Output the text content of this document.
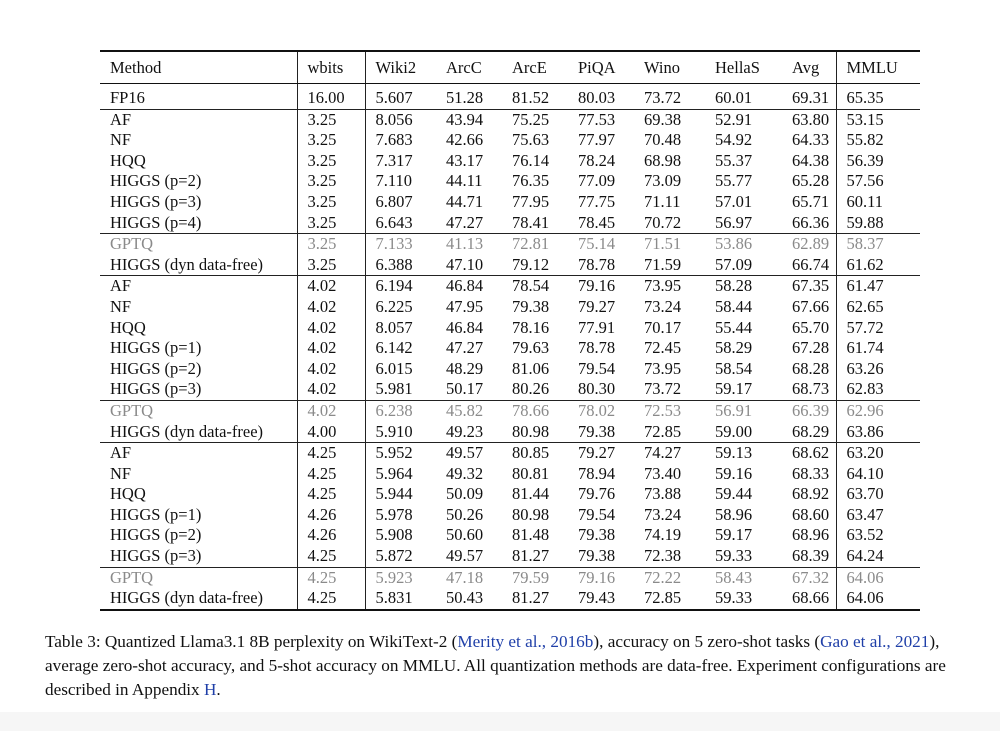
Method	wbits	Wiki2	ArcC	ArcE	PiQA	Wino	HellaS	Avg	MMLU
FP16	16.00	5.607	51.28	81.52	80.03	73.72	60.01	69.31	65.35
AF	3.25	8.056	43.94	75.25	77.53	69.38	52.91	63.80	53.15
NF	3.25	7.683	42.66	75.63	77.97	70.48	54.92	64.33	55.82
HQQ	3.25	7.317	43.17	76.14	78.24	68.98	55.37	64.38	56.39
HIGGS (p=2)	3.25	7.110	44.11	76.35	77.09	73.09	55.77	65.28	57.56
HIGGS (p=3)	3.25	6.807	44.71	77.95	77.75	71.11	57.01	65.71	60.11
HIGGS (p=4)	3.25	6.643	47.27	78.41	78.45	70.72	56.97	66.36	59.88
GPTQ	3.25	7.133	41.13	72.81	75.14	71.51	53.86	62.89	58.37
HIGGS (dyn data-free)	3.25	6.388	47.10	79.12	78.78	71.59	57.09	66.74	61.62
AF	4.02	6.194	46.84	78.54	79.16	73.95	58.28	67.35	61.47
NF	4.02	6.225	47.95	79.38	79.27	73.24	58.44	67.66	62.65
HQQ	4.02	8.057	46.84	78.16	77.91	70.17	55.44	65.70	57.72
HIGGS (p=1)	4.02	6.142	47.27	79.63	78.78	72.45	58.29	67.28	61.74
HIGGS (p=2)	4.02	6.015	48.29	81.06	79.54	73.95	58.54	68.28	63.26
HIGGS (p=3)	4.02	5.981	50.17	80.26	80.30	73.72	59.17	68.73	62.83
GPTQ	4.02	6.238	45.82	78.66	78.02	72.53	56.91	66.39	62.96
HIGGS (dyn data-free)	4.00	5.910	49.23	80.98	79.38	72.85	59.00	68.29	63.86
AF	4.25	5.952	49.57	80.85	79.27	74.27	59.13	68.62	63.20
NF	4.25	5.964	49.32	80.81	78.94	73.40	59.16	68.33	64.10
HQQ	4.25	5.944	50.09	81.44	79.76	73.88	59.44	68.92	63.70
HIGGS (p=1)	4.26	5.978	50.26	80.98	79.54	73.24	58.96	68.60	63.47
HIGGS (p=2)	4.26	5.908	50.60	81.48	79.38	74.19	59.17	68.96	63.52
HIGGS (p=3)	4.25	5.872	49.57	81.27	79.38	72.38	59.33	68.39	64.24
GPTQ	4.25	5.923	47.18	79.59	79.16	72.22	58.43	67.32	64.06
HIGGS (dyn data-free)	4.25	5.831	50.43	81.27	79.43	72.85	59.33	68.66	64.06

Table 3: Quantized Llama3.1 8B perplexity on WikiText-2 (Merity et al., 2016b), accuracy on 5 zero-shot tasks (Gao et al., 2021), average zero-shot accuracy, and 5-shot accuracy on MMLU. All quantization methods are data-free. Experiment configurations are described in Appendix H.
